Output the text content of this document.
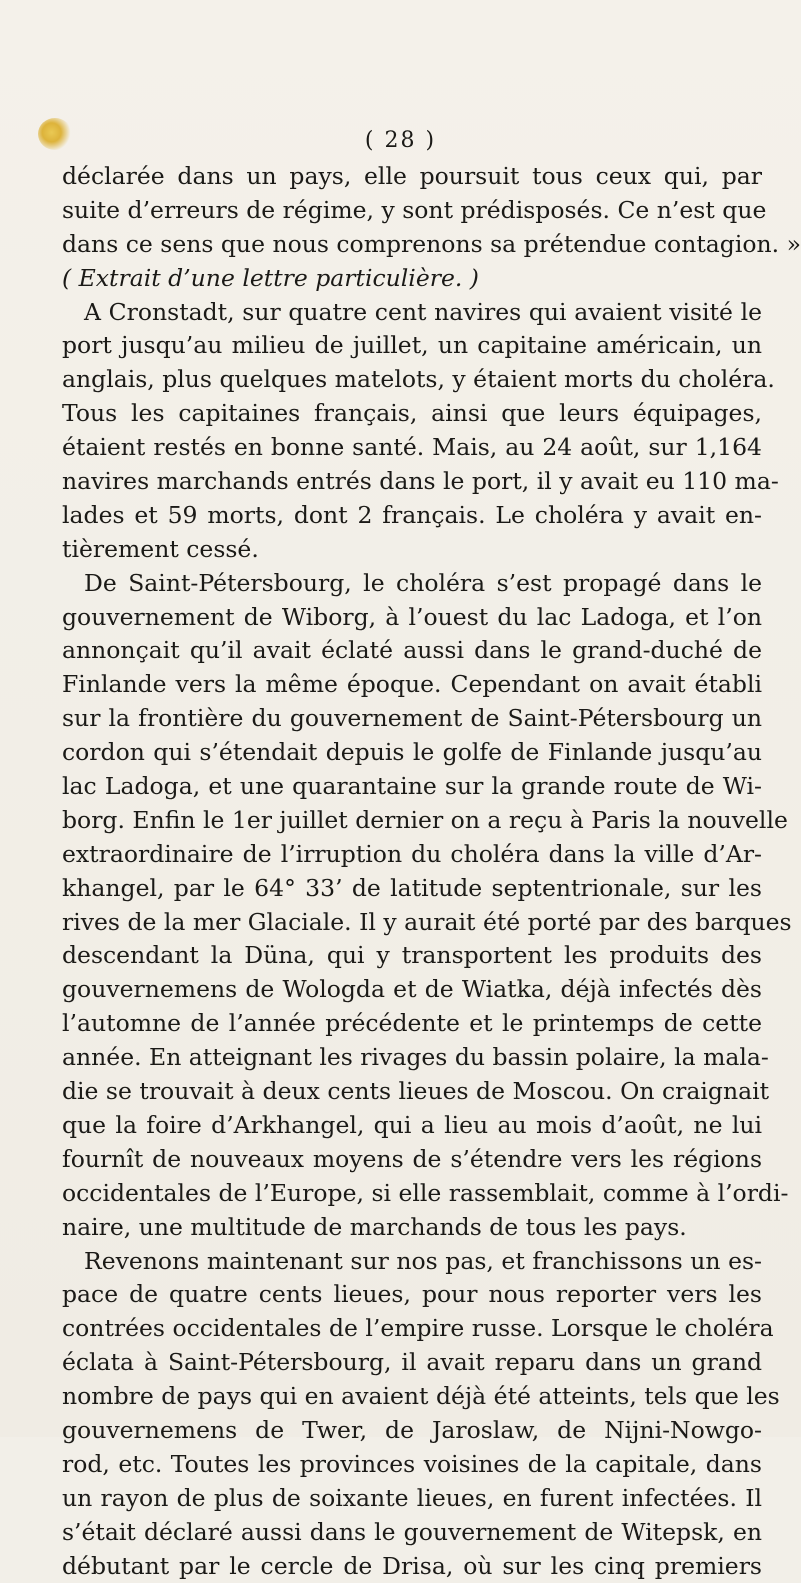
( 28 )
déclarée dans un pays, elle poursuit tous ceux qui, par
suite d’erreurs de régime, y sont prédisposés. Ce n’est que
dans ce sens que nous comprenons sa prétendue contagion. »
( Extrait d’une lettre particulière. )
A Cronstadt, sur quatre cent navires qui avaient visité le
port jusqu’au milieu de juillet, un capitaine américain, un
anglais, plus quelques matelots, y étaient morts du choléra.
Tous les capitaines français, ainsi que leurs équipages,
étaient restés en bonne santé. Mais, au 24 août, sur 1,164
navires marchands entrés dans le port, il y avait eu 110 ma-
lades et 59 morts, dont 2 français. Le choléra y avait en-
tièrement cessé.
De Saint-Pétersbourg, le choléra s’est propagé dans le
gouvernement de Wiborg, à l’ouest du lac Ladoga, et l’on
annonçait qu’il avait éclaté aussi dans le grand-duché de
Finlande vers la même époque. Cependant on avait établi
sur la frontière du gouvernement de Saint-Pétersbourg un
cordon qui s’étendait depuis le golfe de Finlande jusqu’au
lac Ladoga, et une quarantaine sur la grande route de Wi-
borg. Enfin le 1er juillet dernier on a reçu à Paris la nouvelle
extraordinaire de l’irruption du choléra dans la ville d’Ar-
khangel, par le 64° 33’ de latitude septentrionale, sur les
rives de la mer Glaciale. Il y aurait été porté par des barques
descendant la Düna, qui y transportent les produits des
gouvernemens de Wologda et de Wiatka, déjà infectés dès
l’automne de l’année précédente et le printemps de cette
année. En atteignant les rivages du bassin polaire, la mala-
die se trouvait à deux cents lieues de Moscou. On craignait
que la foire d’Arkhangel, qui a lieu au mois d’août, ne lui
fournît de nouveaux moyens de s’étendre vers les régions
occidentales de l’Europe, si elle rassemblait, comme à l’ordi-
naire, une multitude de marchands de tous les pays.
Revenons maintenant sur nos pas, et franchissons un es-
pace de quatre cents lieues, pour nous reporter vers les
contrées occidentales de l’empire russe. Lorsque le choléra
éclata à Saint-Pétersbourg, il avait reparu dans un grand
nombre de pays qui en avaient déjà été atteints, tels que les
gouvernemens de Twer, de Jaroslaw, de Nijni-Nowgo-
rod, etc. Toutes les provinces voisines de la capitale, dans
un rayon de plus de soixante lieues, en furent infectées. Il
s’était déclaré aussi dans le gouvernement de Witepsk, en
débutant par le cercle de Drisa, où sur les cinq premiers
